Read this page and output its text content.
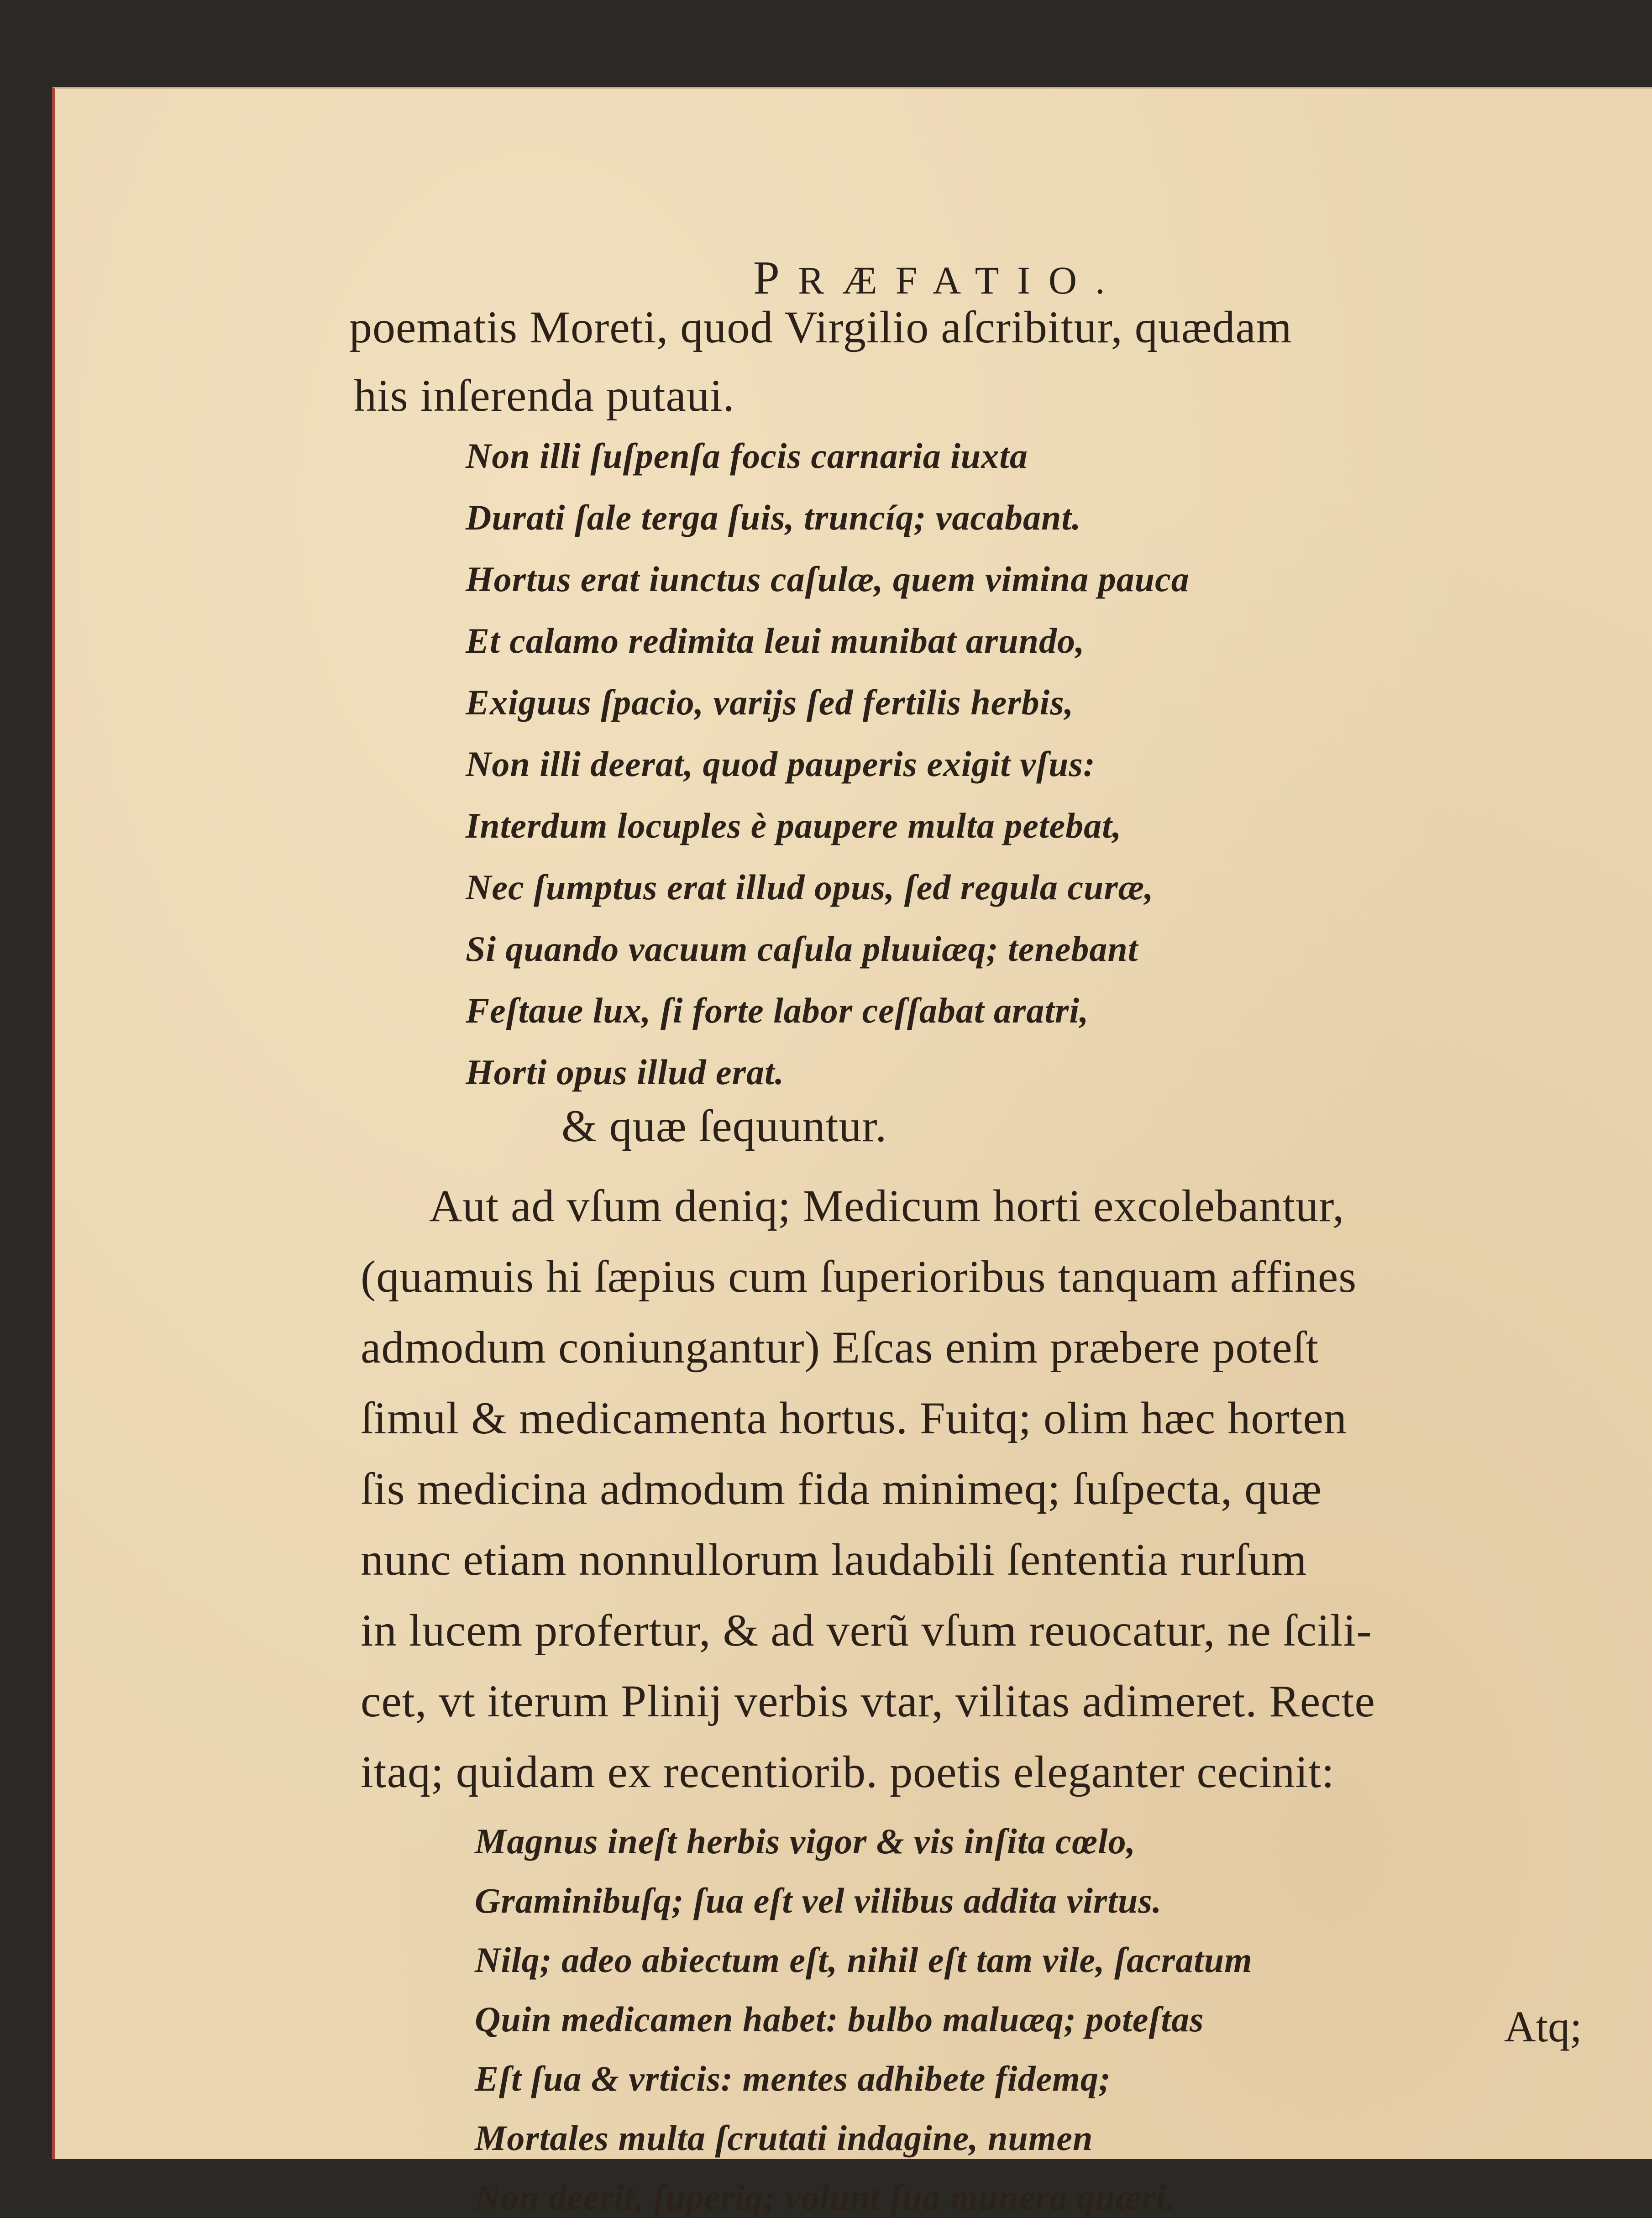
PRÆFATIO.
poematis Moreti, quod Virgilio aſcribitur, quædam
his inſerenda putaui.
Non illi ſuſpenſa focis carnaria iuxta
Durati ſale terga ſuis, truncíq; vacabant.
Hortus erat iunctus caſulæ, quem vimina pauca
Et calamo redimita leui munibat arundo,
Exiguus ſpacio, varijs ſed fertilis herbis,
Non illi deerat, quod pauperis exigit vſus:
Interdum locuples è paupere multa petebat,
Nec ſumptus erat illud opus, ſed regula curæ,
Si quando vacuum caſula pluuiæq; tenebant
Feſtaue lux, ſi forte labor ceſſabat aratri,
Horti opus illud erat.
& quæ ſequuntur.
Aut ad vſum deniq; Medicum horti excolebantur,
(quamuis hi ſæpius cum ſuperioribus tanquam affines
admodum coniungantur) Eſcas enim præbere poteſt
ſimul & medicamenta hortus. Fuitq; olim hæc horten
ſis medicina admodum fida minimeq; ſuſpecta, quæ
nunc etiam nonnullorum laudabili ſententia rurſum
in lucem profertur, & ad verũ vſum reuocatur, ne ſcili-
cet, vt iterum Plinij verbis vtar, vilitas adimeret. Recte
itaq; quidam ex recentiorib. poetis eleganter cecinit:
Magnus ineſt herbis vigor & vis inſita cœlo,
Graminibuſq; ſua eſt vel vilibus addita virtus.
Nilq; adeo abiectum eſt, nihil eſt tam vile, ſacratum
Quin medicamen habet: bulbo maluæq; poteſtas
Eſt ſua & vrticis: mentes adhibete fidemq;
Mortales multa ſcrutati indagine, numen
Non deerit, ſuperiq; volunt ſua munera quæri.
Atq;
